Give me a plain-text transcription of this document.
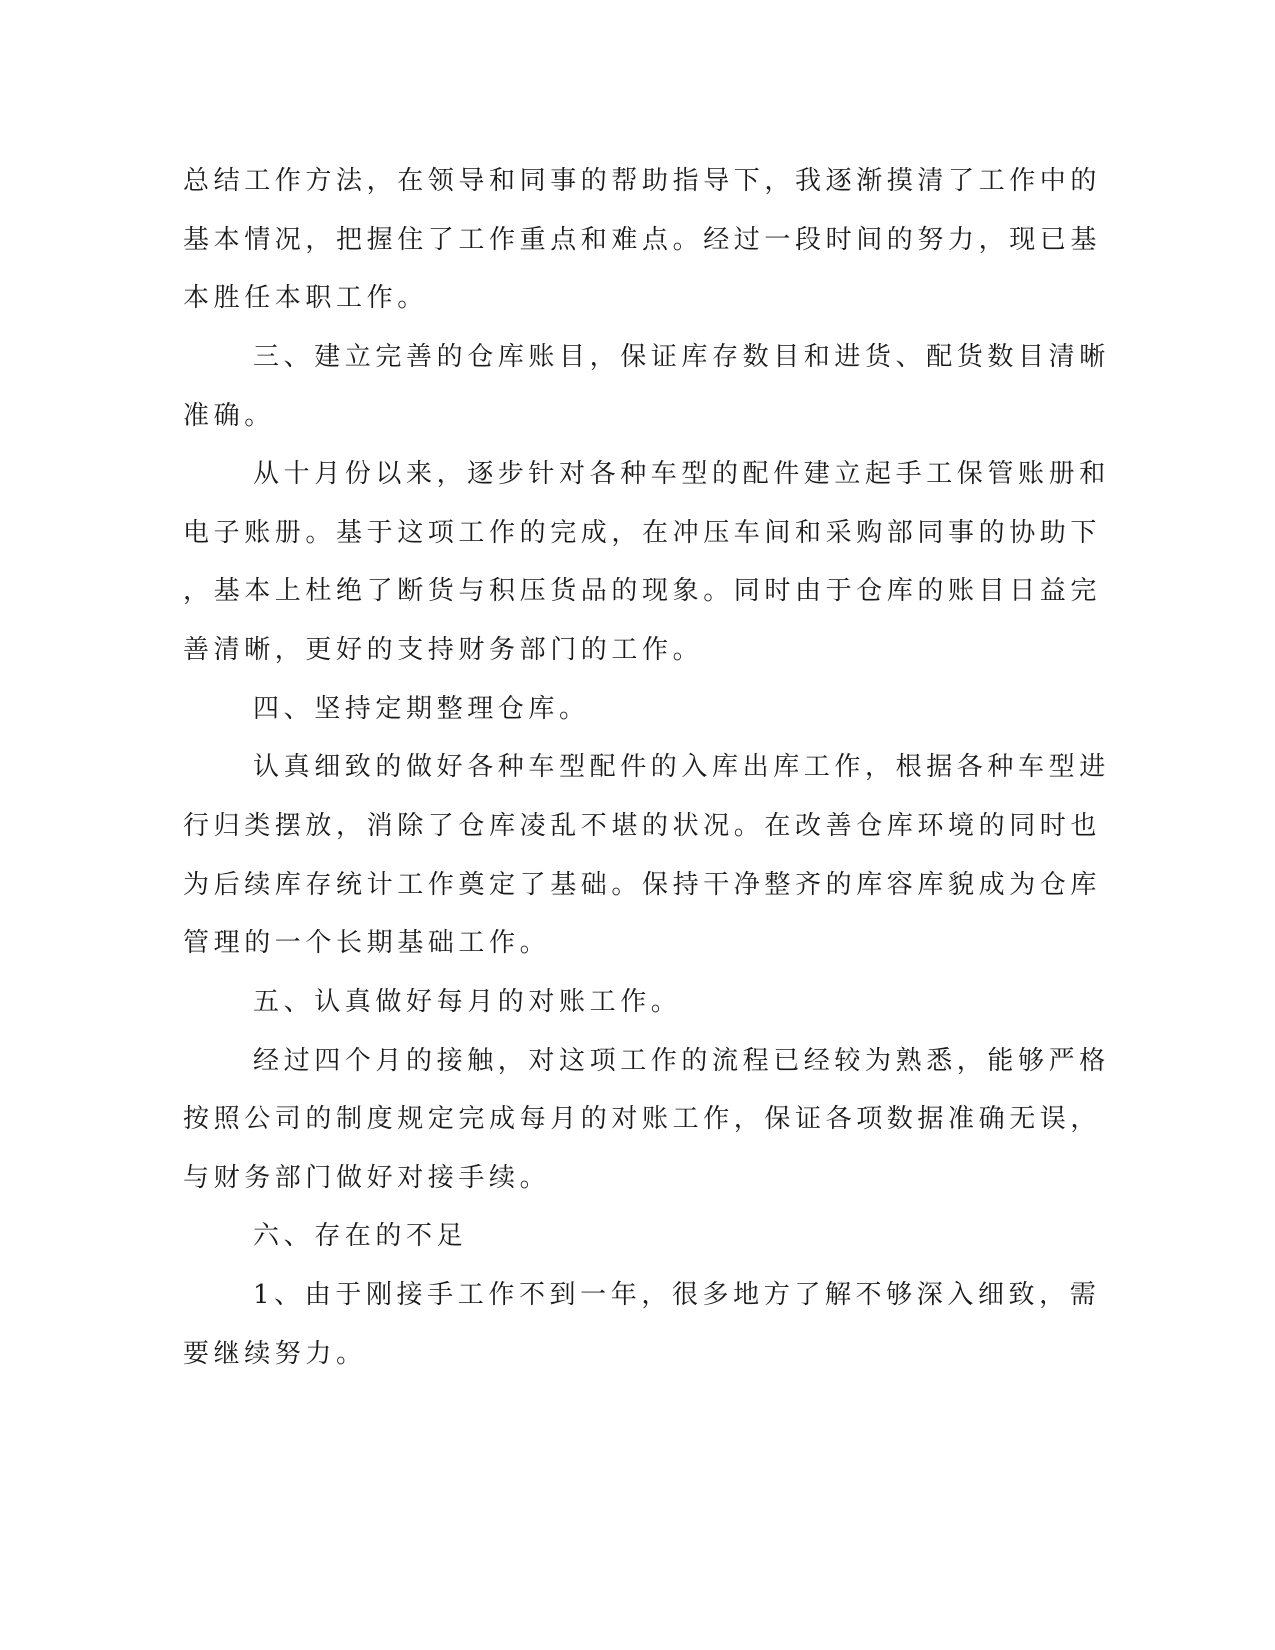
总结工作方法，在领导和同事的帮助指导下，我逐渐摸清了工作中的

基本情况，把握住了工作重点和难点。经过一段时间的努力，现已基

本胜任本职工作。

三、建立完善的仓库账目，保证库存数目和进货、配货数目清晰

准确。

从十月份以来，逐步针对各种车型的配件建立起手工保管账册和

电子账册。基于这项工作的完成，在冲压车间和采购部同事的协助下

，基本上杜绝了断货与积压货品的现象。同时由于仓库的账目日益完

善清晰，更好的支持财务部门的工作。

四、坚持定期整理仓库。

认真细致的做好各种车型配件的入库出库工作，根据各种车型进

行归类摆放，消除了仓库凌乱不堪的状况。在改善仓库环境的同时也

为后续库存统计工作奠定了基础。保持干净整齐的库容库貌成为仓库

管理的一个长期基础工作。

五、认真做好每月的对账工作。

经过四个月的接触，对这项工作的流程已经较为熟悉，能够严格

按照公司的制度规定完成每月的对账工作，保证各项数据准确无误，

与财务部门做好对接手续。

六、存在的不足

1、由于刚接手工作不到一年，很多地方了解不够深入细致，需

要继续努力。
